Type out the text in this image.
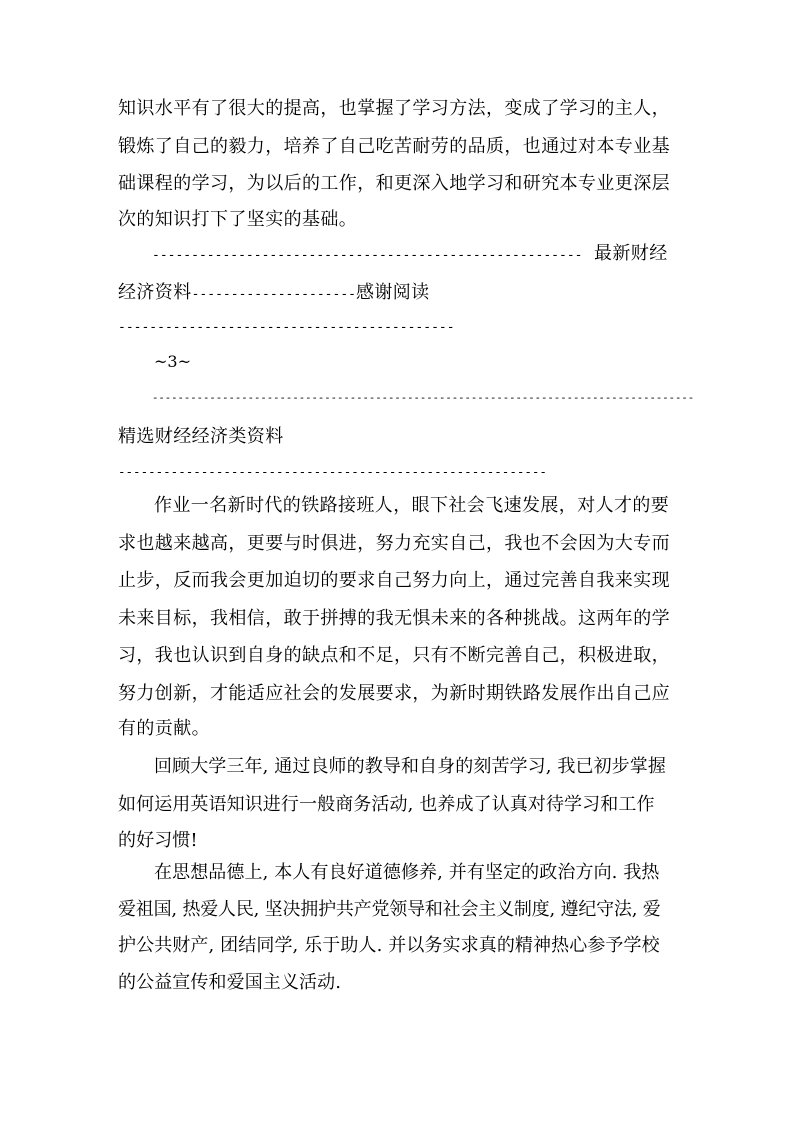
知识水平有了很大的提高，也掌握了学习方法，变成了学习的主人，
锻炼了自己的毅力，培养了自己吃苦耐劳的品质，也通过对本专业基
础课程的学习，为以后的工作，和更深入地学习和研究本专业更深层
次的知识打下了坚实的基础。
------------------------------------------------------- 最新财经
经济资料---------------------感谢阅读
-------------------------------------------
~3~
-------------------------------------------------------------------------------------
精选财经经济类资料
---------------------------------------------------------
作业一名新时代的铁路接班人，眼下社会飞速发展，对人才的要
求也越来越高，更要与时俱进，努力充实自己，我也不会因为大专而
止步，反而我会更加迫切的要求自己努力向上，通过完善自我来实现
未来目标，我相信，敢于拼搏的我无惧未来的各种挑战。这两年的学
习，我也认识到自身的缺点和不足，只有不断完善自己，积极进取，
努力创新，才能适应社会的发展要求，为新时期铁路发展作出自己应
有的贡献。
回顾大学三年, 通过良师的教导和自身的刻苦学习, 我已初步掌握
如何运用英语知识进行一般商务活动, 也养成了认真对待学习和工作
的好习惯!
在思想品德上, 本人有良好道德修养, 并有坚定的政治方向. 我热
爱祖国, 热爱人民, 坚决拥护共产党领导和社会主义制度, 遵纪守法, 爱
护公共财产, 团结同学, 乐于助人. 并以务实求真的精神热心参予学校
的公益宣传和爱国主义活动.
